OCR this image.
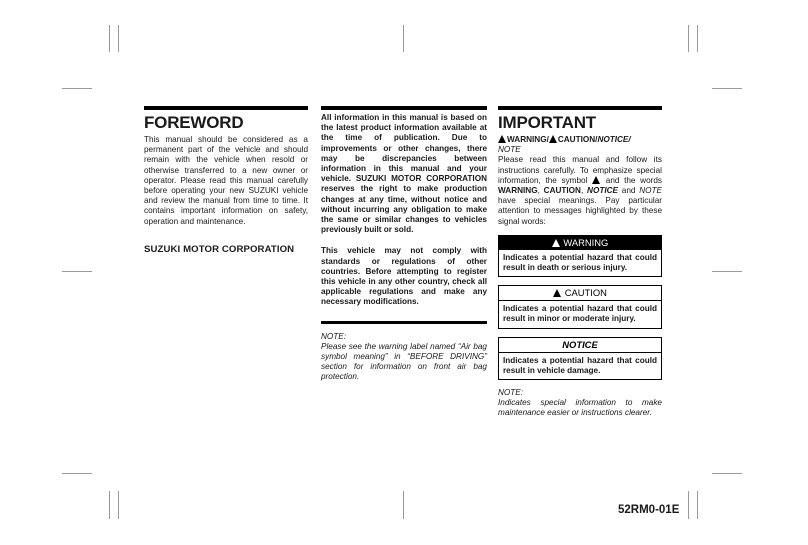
FOREWORD

This manual should be considered as a permanent part of the vehicle and should remain with the vehicle when resold or otherwise transferred to a new owner or operator. Please read this manual carefully before operating your new SUZUKI vehicle and review the manual from time to time. It contains important information on safety, operation and maintenance.

SUZUKI MOTOR CORPORATION

All information in this manual is based on the latest product information available at the time of publication. Due to improvements or other changes, there may be discrepancies between information in this manual and your vehicle. SUZUKI MOTOR CORPORATION reserves the right to make production changes at any time, without notice and without incurring any obligation to make the same or similar changes to vehicles previously built or sold.

This vehicle may not comply with standards or regulations of other countries. Before attempting to register this vehicle in any other country, check all applicable regulations and make any necessary modifications.

NOTE:

Please see the warning label named “Air bag symbol meaning” in “BEFORE DRIVING” section for information on front air bag protection.

IMPORTANT
WARNING/ CAUTION/NOTICE/
NOTE

Please read this manual and follow its instructions carefully. To emphasize special information, the symbol and the words WARNING, CAUTION, NOTICE and NOTE have special meanings. Pay particular attention to messages highlighted by these signal words:

WARNING
Indicates a potential hazard that could result in death or serious injury.
CAUTION
Indicates a potential hazard that could result in minor or moderate injury.
NOTICE
Indicates a potential hazard that could result in vehicle damage.

NOTE:

Indicates special information to make maintenance easier or instructions clearer.

52RM0-01E
